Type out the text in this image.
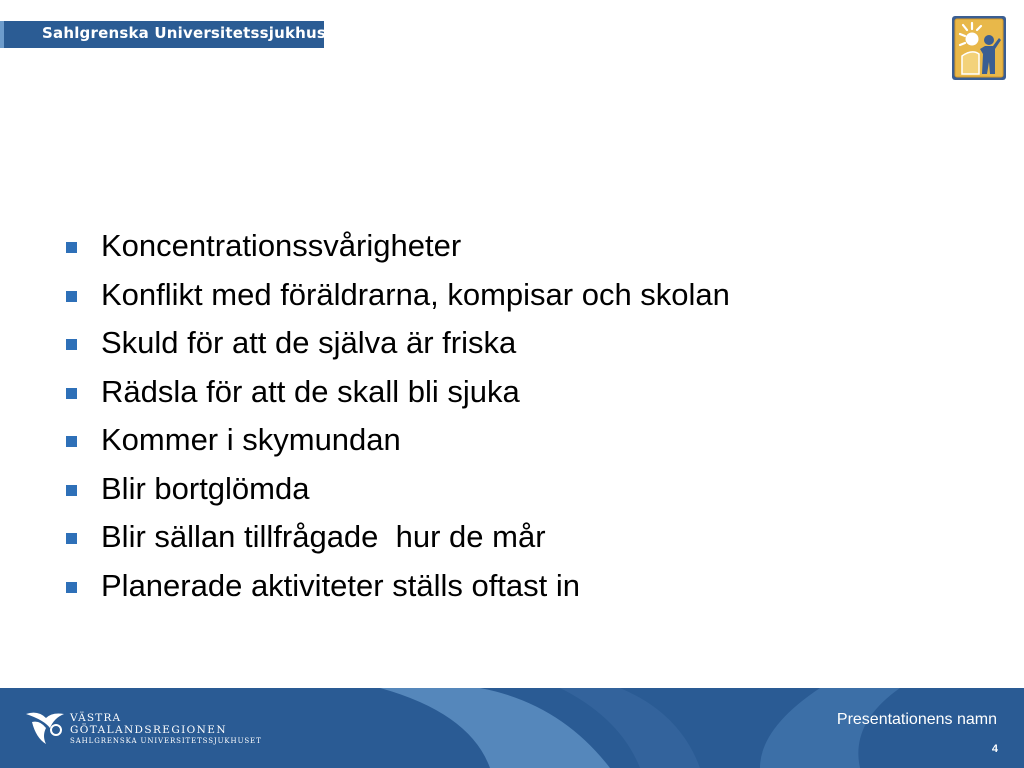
Sahlgrenska Universitetssjukhuset
Koncentrationssvårigheter
Konflikt med föräldrarna, kompisar och skolan
Skuld för att de själva är friska
Rädsla för att de skall bli sjuka
Kommer i skymundan
Blir bortglömda
Blir sällan tillfrågade  hur de mår
Planerade aktiviteter ställs oftast in
VÄSTRA
GÖTALANDSREGIONEN
SAHLGRENSKA UNIVERSITETSSJUKHUSET
Presentationens namn
4
